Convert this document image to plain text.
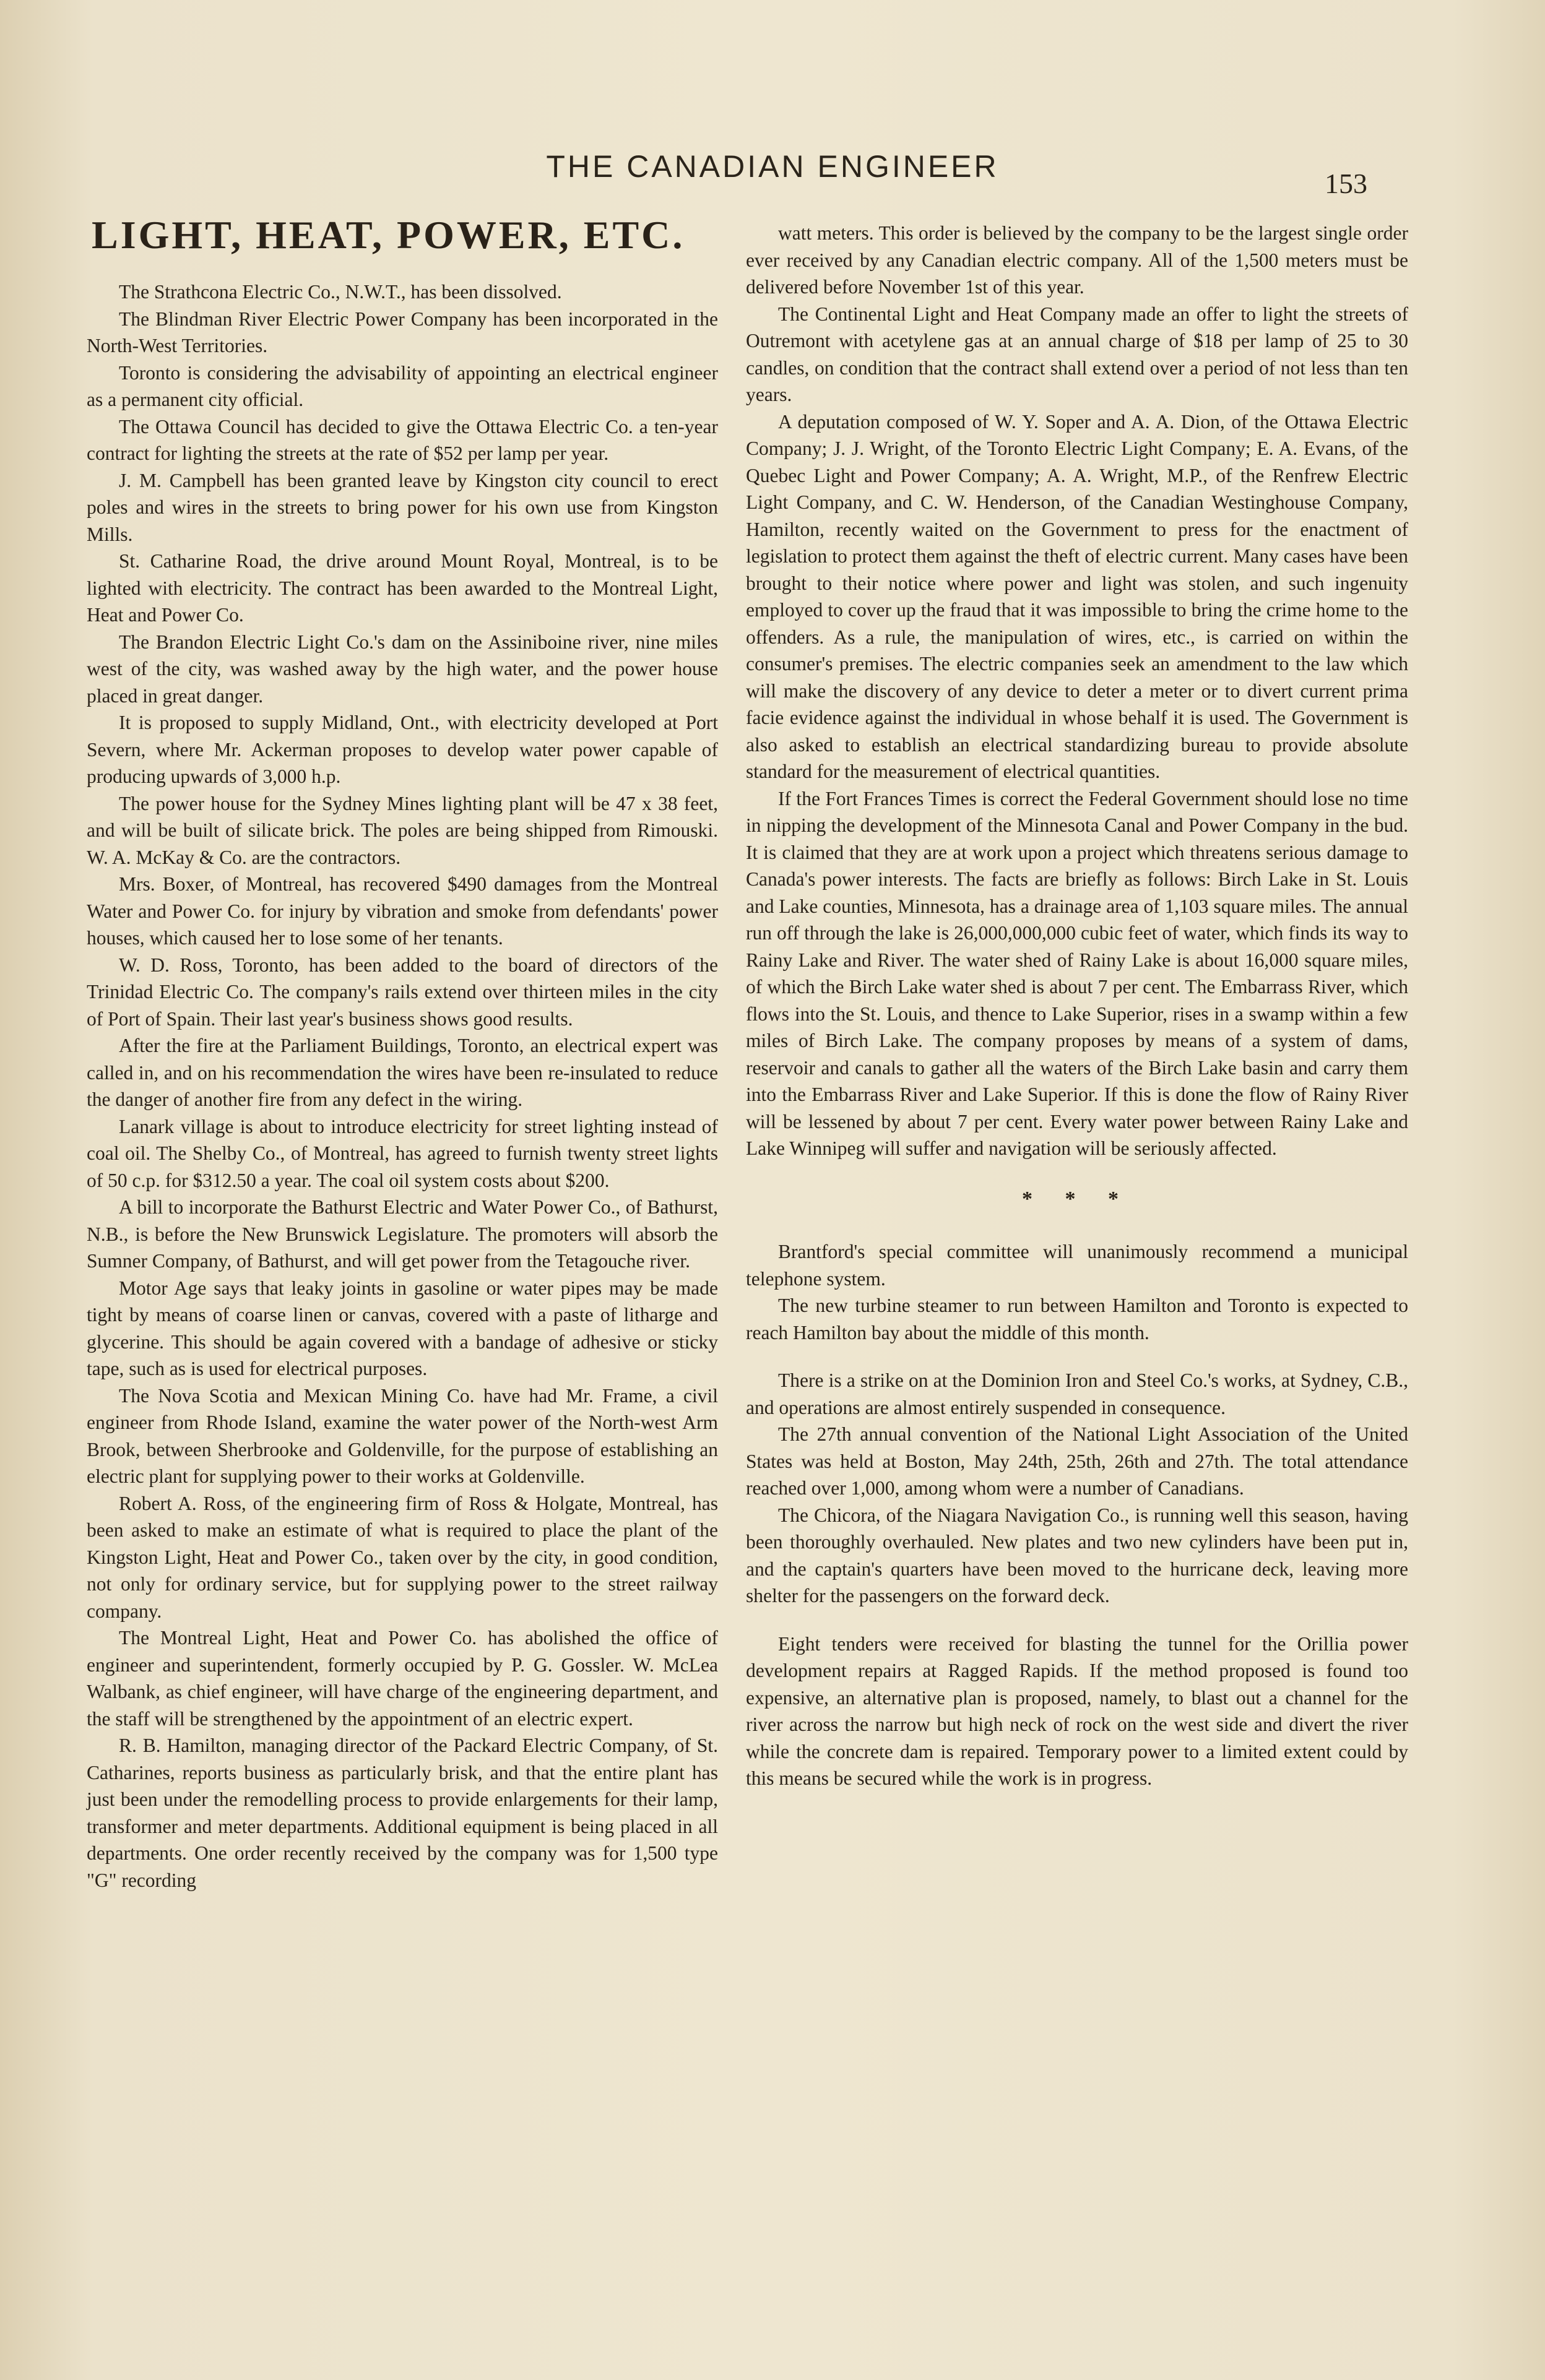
THE CANADIAN ENGINEER	153
LIGHT, HEAT, POWER, ETC.

The Strathcona Electric Co., N.W.T., has been dissolved.

The Blindman River Electric Power Company has been incorporated in the North-West Territories.

Toronto is considering the advisability of appointing an electrical engineer as a permanent city official.

The Ottawa Council has decided to give the Ottawa Electric Co. a ten-year contract for lighting the streets at the rate of $52 per lamp per year.

J. M. Campbell has been granted leave by Kingston city council to erect poles and wires in the streets to bring power for his own use from Kingston Mills.

St. Catharine Road, the drive around Mount Royal, Montreal, is to be lighted with electricity. The contract has been awarded to the Montreal Light, Heat and Power Co.

The Brandon Electric Light Co.'s dam on the Assiniboine river, nine miles west of the city, was washed away by the high water, and the power house placed in great danger.

It is proposed to supply Midland, Ont., with electricity developed at Port Severn, where Mr. Ackerman proposes to develop water power capable of producing upwards of 3,000 h.p.

The power house for the Sydney Mines lighting plant will be 47 x 38 feet, and will be built of silicate brick. The poles are being shipped from Rimouski. W. A. McKay & Co. are the contractors.

Mrs. Boxer, of Montreal, has recovered $490 damages from the Montreal Water and Power Co. for injury by vibration and smoke from defendants' power houses, which caused her to lose some of her tenants.

W. D. Ross, Toronto, has been added to the board of directors of the Trinidad Electric Co. The company's rails extend over thirteen miles in the city of Port of Spain. Their last year's business shows good results.

After the fire at the Parliament Buildings, Toronto, an electrical expert was called in, and on his recommendation the wires have been re-insulated to reduce the danger of another fire from any defect in the wiring.

Lanark village is about to introduce electricity for street lighting instead of coal oil. The Shelby Co., of Montreal, has agreed to furnish twenty street lights of 50 c.p. for $312.50 a year. The coal oil system costs about $200.

A bill to incorporate the Bathurst Electric and Water Power Co., of Bathurst, N.B., is before the New Brunswick Legislature. The promoters will absorb the Sumner Company, of Bathurst, and will get power from the Tetagouche river.

Motor Age says that leaky joints in gasoline or water pipes may be made tight by means of coarse linen or canvas, covered with a paste of litharge and glycerine. This should be again covered with a bandage of adhesive or sticky tape, such as is used for electrical purposes.

The Nova Scotia and Mexican Mining Co. have had Mr. Frame, a civil engineer from Rhode Island, examine the water power of the North-west Arm Brook, between Sherbrooke and Goldenville, for the purpose of establishing an electric plant for supplying power to their works at Goldenville.

Robert A. Ross, of the engineering firm of Ross & Holgate, Montreal, has been asked to make an estimate of what is required to place the plant of the Kingston Light, Heat and Power Co., taken over by the city, in good condition, not only for ordinary service, but for supplying power to the street railway company.

The Montreal Light, Heat and Power Co. has abolished the office of engineer and superintendent, formerly occupied by P. G. Gossler. W. McLea Walbank, as chief engineer, will have charge of the engineering department, and the staff will be strengthened by the appointment of an electric expert.

R. B. Hamilton, managing director of the Packard Electric Company, of St. Catharines, reports business as particularly brisk, and that the entire plant has just been under the remodelling process to provide enlargements for their lamp, transformer and meter departments. Additional equipment is being placed in all departments. One order recently received by the company was for 1,500 type "G" recording

watt meters. This order is believed by the company to be the largest single order ever received by any Canadian electric company. All of the 1,500 meters must be delivered before November 1st of this year.

The Continental Light and Heat Company made an offer to light the streets of Outremont with acetylene gas at an annual charge of $18 per lamp of 25 to 30 candles, on condition that the contract shall extend over a period of not less than ten years.

A deputation composed of W. Y. Soper and A. A. Dion, of the Ottawa Electric Company; J. J. Wright, of the Toronto Electric Light Company; E. A. Evans, of the Quebec Light and Power Company; A. A. Wright, M.P., of the Renfrew Electric Light Company, and C. W. Henderson, of the Canadian Westinghouse Company, Hamilton, recently waited on the Government to press for the enactment of legislation to protect them against the theft of electric current. Many cases have been brought to their notice where power and light was stolen, and such ingenuity employed to cover up the fraud that it was impossible to bring the crime home to the offenders. As a rule, the manipulation of wires, etc., is carried on within the consumer's premises. The electric companies seek an amendment to the law which will make the discovery of any device to deter a meter or to divert current prima facie evidence against the individual in whose behalf it is used. The Government is also asked to establish an electrical standardizing bureau to provide absolute standard for the measurement of electrical quantities.

If the Fort Frances Times is correct the Federal Government should lose no time in nipping the development of the Minnesota Canal and Power Company in the bud. It is claimed that they are at work upon a project which threatens serious damage to Canada's power interests. The facts are briefly as follows: Birch Lake in St. Louis and Lake counties, Minnesota, has a drainage area of 1,103 square miles. The annual run off through the lake is 26,000,000,000 cubic feet of water, which finds its way to Rainy Lake and River. The water shed of Rainy Lake is about 16,000 square miles, of which the Birch Lake water shed is about 7 per cent. The Embarrass River, which flows into the St. Louis, and thence to Lake Superior, rises in a swamp within a few miles of Birch Lake. The company proposes by means of a system of dams, reservoir and canals to gather all the waters of the Birch Lake basin and carry them into the Embarrass River and Lake Superior. If this is done the flow of Rainy River will be lessened by about 7 per cent. Every water power between Rainy Lake and Lake Winnipeg will suffer and navigation will be seriously affected.

* * *

Brantford's special committee will unanimously recommend a municipal telephone system.

The new turbine steamer to run between Hamilton and Toronto is expected to reach Hamilton bay about the middle of this month.

There is a strike on at the Dominion Iron and Steel Co.'s works, at Sydney, C.B., and operations are almost entirely suspended in consequence.

The 27th annual convention of the National Light Association of the United States was held at Boston, May 24th, 25th, 26th and 27th. The total attendance reached over 1,000, among whom were a number of Canadians.

The Chicora, of the Niagara Navigation Co., is running well this season, having been thoroughly overhauled. New plates and two new cylinders have been put in, and the captain's quarters have been moved to the hurricane deck, leaving more shelter for the passengers on the forward deck.

Eight tenders were received for blasting the tunnel for the Orillia power development repairs at Ragged Rapids. If the method proposed is found too expensive, an alternative plan is proposed, namely, to blast out a channel for the river across the narrow but high neck of rock on the west side and divert the river while the concrete dam is repaired. Temporary power to a limited extent could by this means be secured while the work is in progress.
